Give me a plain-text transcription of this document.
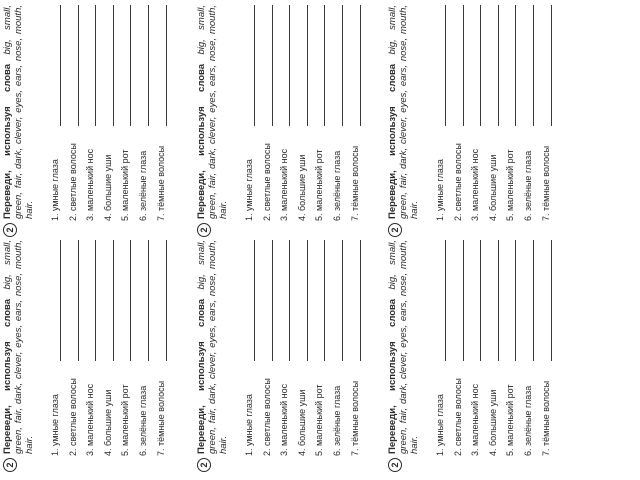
2
Переведи, используя слова big, small, green, fair, dark, clever, eyes, ears, nose, mouth, hair.	1. умные глаза 2. светлые волосы 3. маленький нос 4. большие уши 5. маленький рот 6. зелёные глаза 7. тёмные волосы
2
Переведи, используя слова big, small, green, fair, dark, clever, eyes, ears, nose, mouth, hair.	1. умные глаза 2. светлые волосы 3. маленький нос 4. большие уши 5. маленький рот 6. зелёные глаза 7. тёмные волосы
2
Переведи, используя слова big, small, green, fair, dark, clever, eyes, ears, nose, mouth, hair.	1. умные глаза 2. светлые волосы 3. маленький нос 4. большие уши 5. маленький рот 6. зелёные глаза 7. тёмные волосы
2
Переведи, используя слова big, small, green, fair, dark, clever, eyes, ears, nose, mouth, hair.	1. умные глаза 2. светлые волосы 3. маленький нос 4. большие уши 5. маленький рот 6. зелёные глаза 7. тёмные волосы
2
Переведи, используя слова big, small, green, fair, dark, clever, eyes, ears, nose, mouth, hair.	1. умные глаза 2. светлые волосы 3. маленький нос 4. большие уши 5. маленький рот 6. зелёные глаза 7. тёмные волосы
2
Переведи, используя слова big, small, green, fair, dark, clever, eyes, ears, nose, mouth, hair.	1. умные глаза 2. светлые волосы 3. маленький нос 4. большие уши 5. маленький рот 6. зелёные глаза 7. тёмные волосы
